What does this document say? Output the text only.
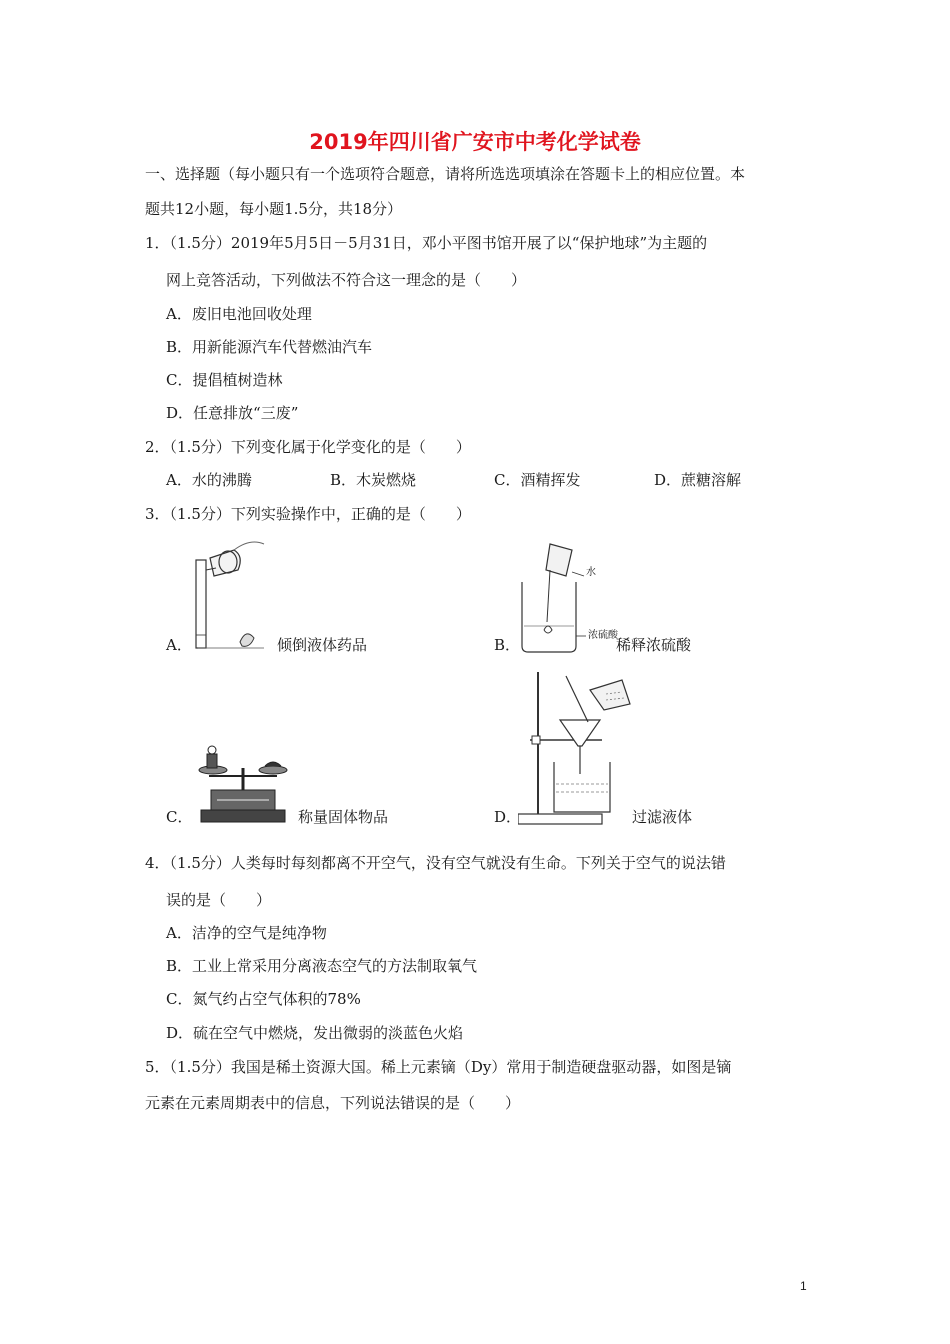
2019年四川省广安市中考化学试卷
一、选择题（每小题只有一个选项符合题意，请将所选选项填涂在答题卡上的相应位置。本
题共12小题，每小题1.5分，共18分）
1．（1.5分）2019年5月5日－5月31日，邓小平图书馆开展了以“保护地球”为主题的
网上竞答活动，下列做法不符合这一理念的是（　　）
A．废旧电池回收处理
B．用新能源汽车代替燃油汽车
C．提倡植树造林
D．任意排放“三废”
2．（1.5分）下列变化属于化学变化的是（　　）
A．水的沸腾	B．木炭燃烧	C．酒精挥发	D．蔗糖溶解
3．（1.5分）下列实验操作中，正确的是（　　）
A．	倾倒液体药品	B．
水
浓硫酸
稀释浓硫酸
C．	称量固体物品	D．	过滤液体
4．（1.5分）人类每时每刻都离不开空气，没有空气就没有生命。下列关于空气的说法错
误的是（　　）
A．洁净的空气是纯净物
B．工业上常采用分离液态空气的方法制取氧气
C．氮气约占空气体积的78%
D．硫在空气中燃烧，发出微弱的淡蓝色火焰
5．（1.5分）我国是稀土资源大国。稀上元素镝（Dy）常用于制造硬盘驱动器，如图是镝
元素在元素周期表中的信息，下列说法错误的是（　　）
1
